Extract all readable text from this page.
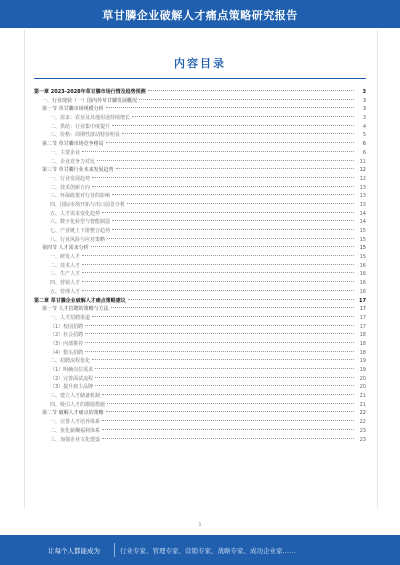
草甘膦企业破解人才痛点策略研究报告
内容目录
第一章 2023-2028年草甘膦市场行情及趋势预测	3
一、行业现状（一）国内外草甘膦发展概况	3
第一节 草甘膦市场规模分析	3
一、需求：农业及其他用途持续增长	3
二、供给：行业集中度提升	4
三、价格：周期性波动特征明显	5
第二节 草甘膦市场竞争格局	6
一、主要企业	6
二、企业竞争力对比	11
第三节 草甘膦行业未来发展趋势	12
一、行业发展趋势	12
二、技术创新方向	13
三、环保政策对行业的影响	13
四、国际市场开拓与出口前景分析	13
五、人才需求变化趋势	14
六、数字化转型与智能制造	14
七、产业链上下游整合趋势	15
八、行业风险与应对策略	15
第四节 人才需求分析	15
一、研发人才	15
二、技术人才	16
三、生产人才	16
四、营销人才	16
五、管理人才	16
第二章 草甘膦企业破解人才痛点策略建议	17
第一节 人才招聘的策略与方法	17
一、人才招聘渠道	17
（1）校园招聘	17
（2）社会招聘	18
（3）内部推荐	18
（4）猎头招聘	18
二、招聘流程优化	19
（1）明确岗位需求	19
（2）完善面试流程	20
（3）提升雇主品牌	20
三、建立人才储备机制	21
四、吸引人才的激励措施	21
第二节 破解人才痛点的策略	22
一、完善人才培养体系	22
二、优化薪酬福利体系	23
三、加强企业文化建设	23
1
让每个人都能成为	行业专家、管理专家、营销专家、战略专家、成功企业家……
